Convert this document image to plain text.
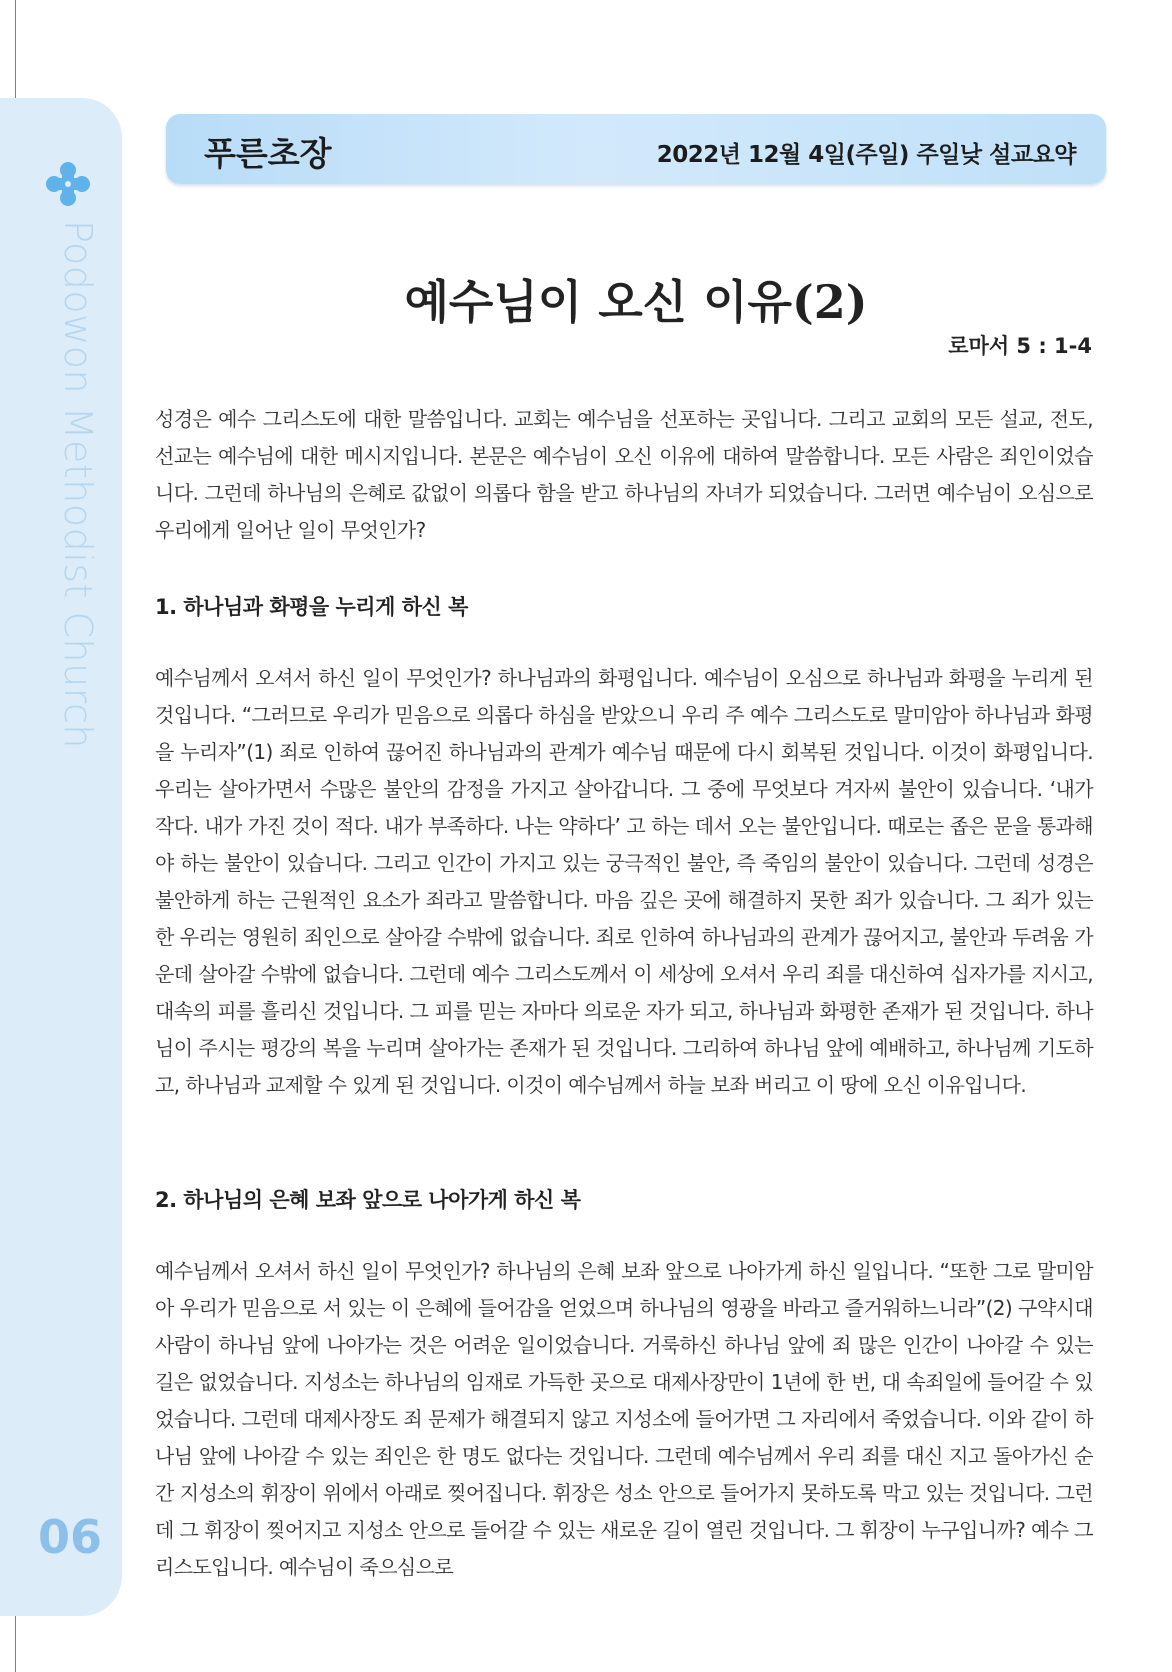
Podowon Methodist Church
06
푸른초장	2022년 12월 4일(주일) 주일낮 설교요약
예수님이 오신 이유(2)
로마서 5 : 1-4

성경은 예수 그리스도에 대한 말씀입니다. 교회는 예수님을 선포하는 곳입니다. 그리고 교회의 모든 설교, 전도, 선교는 예수님에 대한 메시지입니다. 본문은 예수님이 오신 이유에 대하여 말씀합니다. 모든 사람은 죄인이었습니다. 그런데 하나님의 은혜로 값없이 의롭다 함을 받고 하나님의 자녀가 되었습니다. 그러면 예수님이 오심으로 우리에게 일어난 일이 무엇인가?

1. 하나님과 화평을 누리게 하신 복

예수님께서 오셔서 하신 일이 무엇인가? 하나님과의 화평입니다. 예수님이 오심으로 하나님과 화평을 누리게 된 것입니다. “그러므로 우리가 믿음으로 의롭다 하심을 받았으니 우리 주 예수 그리스도로 말미암아 하나님과 화평을 누리자”(1) 죄로 인하여 끊어진 하나님과의 관계가 예수님 때문에 다시 회복된 것입니다. 이것이 화평입니다. 우리는 살아가면서 수많은 불안의 감정을 가지고 살아갑니다. 그 중에 무엇보다 겨자씨 불안이 있습니다. ‘내가 작다. 내가 가진 것이 적다. 내가 부족하다. 나는 약하다’ 고 하는 데서 오는 불안입니다. 때로는 좁은 문을 통과해야 하는 불안이 있습니다. 그리고 인간이 가지고 있는 궁극적인 불안, 즉 죽임의 불안이 있습니다. 그런데 성경은 불안하게 하는 근원적인 요소가 죄라고 말씀합니다. 마음 깊은 곳에 해결하지 못한 죄가 있습니다. 그 죄가 있는 한 우리는 영원히 죄인으로 살아갈 수밖에 없습니다. 죄로 인하여 하나님과의 관계가 끊어지고, 불안과 두려움 가운데 살아갈 수밖에 없습니다. 그런데 예수 그리스도께서 이 세상에 오셔서 우리 죄를 대신하여 십자가를 지시고, 대속의 피를 흘리신 것입니다. 그 피를 믿는 자마다 의로운 자가 되고, 하나님과 화평한 존재가 된 것입니다. 하나님이 주시는 평강의 복을 누리며 살아가는 존재가 된 것입니다. 그리하여 하나님 앞에 예배하고, 하나님께 기도하고, 하나님과 교제할 수 있게 된 것입니다. 이것이 예수님께서 하늘 보좌 버리고 이 땅에 오신 이유입니다.

2. 하나님의 은혜 보좌 앞으로 나아가게 하신 복

예수님께서 오셔서 하신 일이 무엇인가? 하나님의 은혜 보좌 앞으로 나아가게 하신 일입니다. “또한 그로 말미암아 우리가 믿음으로 서 있는 이 은혜에 들어감을 얻었으며 하나님의 영광을 바라고 즐거워하느니라”(2) 구약시대 사람이 하나님 앞에 나아가는 것은 어려운 일이었습니다. 거룩하신 하나님 앞에 죄 많은 인간이 나아갈 수 있는 길은 없었습니다. 지성소는 하나님의 임재로 가득한 곳으로 대제사장만이 1년에 한 번, 대 속죄일에 들어갈 수 있었습니다. 그런데 대제사장도 죄 문제가 해결되지 않고 지성소에 들어가면 그 자리에서 죽었습니다. 이와 같이 하나님 앞에 나아갈 수 있는 죄인은 한 명도 없다는 것입니다. 그런데 예수님께서 우리 죄를 대신 지고 돌아가신 순간 지성소의 휘장이 위에서 아래로 찢어집니다. 휘장은 성소 안으로 들어가지 못하도록 막고 있는 것입니다. 그런데 그 휘장이 찢어지고 지성소 안으로 들어갈 수 있는 새로운 길이 열린 것입니다. 그 휘장이 누구입니까? 예수 그리스도입니다. 예수님이 죽으심으로
